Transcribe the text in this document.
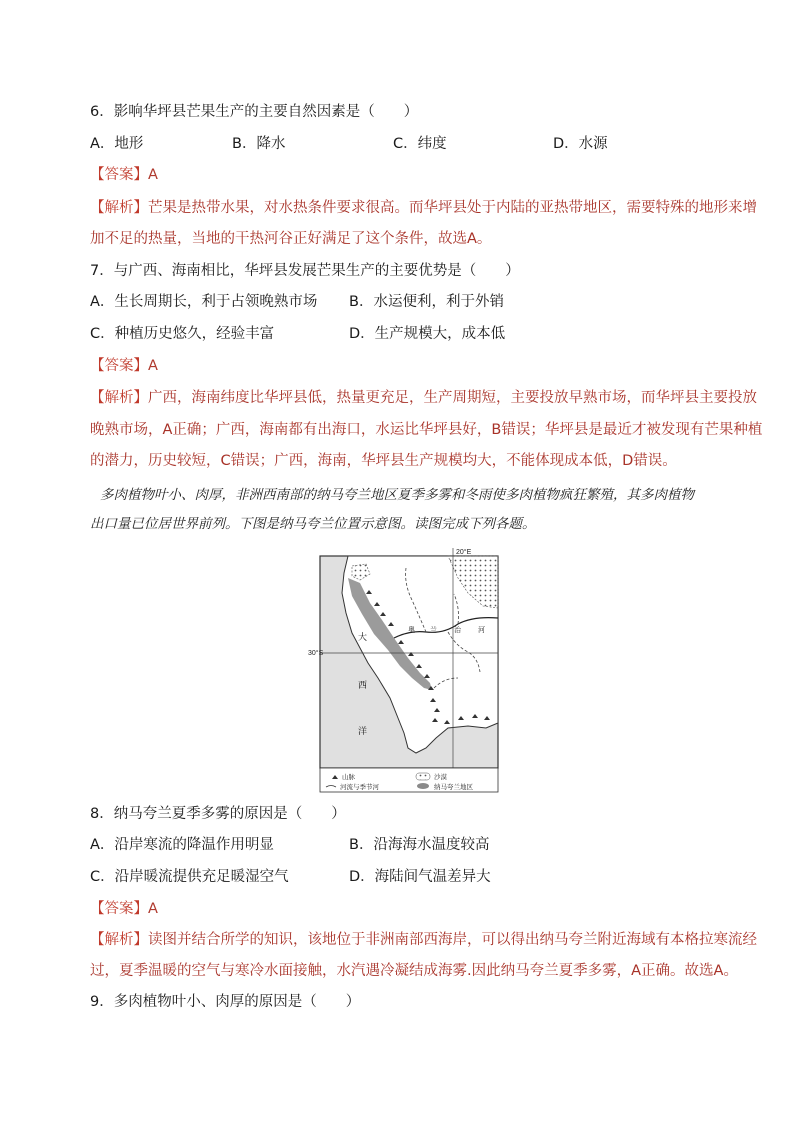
6．影响华坪县芒果生产的主要自然因素是（　　）
A．地形	B．降水	C．纬度	D．水源
【答案】A
【解析】芒果是热带水果，对水热条件要求很高。而华坪县处于内陆的亚热带地区，需要特殊的地形来增
加不足的热量，当地的干热河谷正好满足了这个条件，故选A。
7．与广西、海南相比，华坪县发展芒果生产的主要优势是（　　）
A．生长周期长，利于占领晚熟市场 B．水运便利，利于外销
C．种植历史悠久，经验丰富	D．生产规模大，成本低
【答案】A
【解析】广西，海南纬度比华坪县低，热量更充足，生产周期短，主要投放早熟市场，而华坪县主要投放
晚熟市场，A正确；广西，海南都有出海口，水运比华坪县好，B错误；华坪县是最近才被发现有芒果种植
的潜力，历史较短，C错误；广西，海南，华坪县生产规模均大，不能体现成本低，D错误。
多肉植物叶小、肉厚，非洲西南部的纳马夸兰地区夏季多雾和冬雨使多肉植物疯狂繁殖，其多肉植物
出口量已位居世界前列。下图是纳马夸兰位置示意图。读图完成下列各题。
20°E
30°S
大
西
洋
奥 兰 治 河
山脉	沙漠
河流与季节河	纳马夸兰地区
8．纳马夸兰夏季多雾的原因是（　　）
A．沿岸寒流的降温作用明显	B．沿海海水温度较高
C．沿岸暖流提供充足暖湿空气	D．海陆间气温差异大
【答案】A
【解析】读图并结合所学的知识，该地位于非洲南部西海岸，可以得出纳马夸兰附近海域有本格拉寒流经
过，夏季温暖的空气与寒冷水面接触，水汽遇冷凝结成海雾.因此纳马夸兰夏季多雾，A正确。故选A。
9．多肉植物叶小、肉厚的原因是（　　）
